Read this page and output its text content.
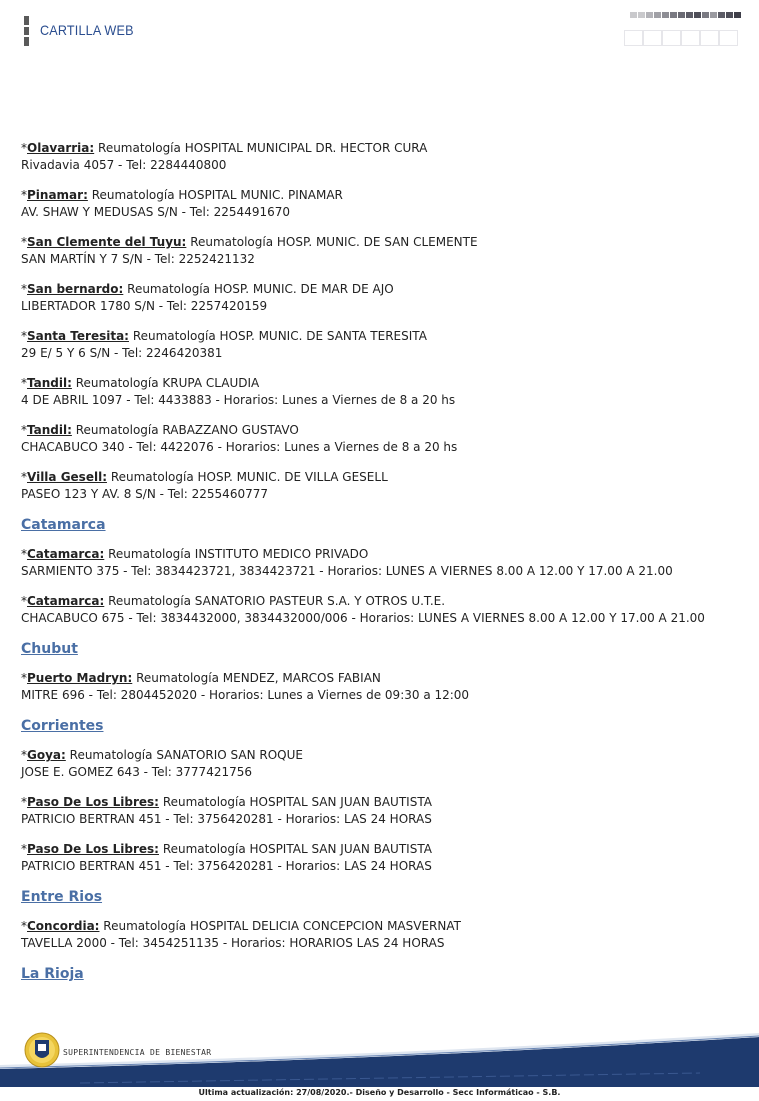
CARTILLA WEB
*Olavarria: Reumatología HOSPITAL MUNICIPAL DR. HECTOR CURA
Rivadavia 4057 - Tel: 2284440800
*Pinamar: Reumatología HOSPITAL MUNIC. PINAMAR
AV. SHAW Y MEDUSAS S/N - Tel: 2254491670
*San Clemente del Tuyu: Reumatología HOSP. MUNIC. DE SAN CLEMENTE
SAN MARTÍN Y 7 S/N - Tel: 2252421132
*San bernardo: Reumatología HOSP. MUNIC. DE MAR DE AJO
LIBERTADOR 1780 S/N - Tel: 2257420159
*Santa Teresita: Reumatología HOSP. MUNIC. DE SANTA TERESITA
29 E/ 5 Y 6 S/N - Tel: 2246420381
*Tandil: Reumatología KRUPA CLAUDIA
4 DE ABRIL 1097 - Tel: 4433883 - Horarios: Lunes a Viernes de 8 a 20 hs
*Tandil: Reumatología RABAZZANO GUSTAVO
CHACABUCO 340 - Tel: 4422076 - Horarios: Lunes a Viernes de 8 a 20 hs
*Villa Gesell: Reumatología HOSP. MUNIC. DE VILLA GESELL
PASEO 123 Y AV. 8 S/N - Tel: 2255460777
Catamarca
*Catamarca: Reumatología INSTITUTO MEDICO PRIVADO
SARMIENTO 375 - Tel: 3834423721, 3834423721 - Horarios: LUNES A VIERNES 8.00 A 12.00 Y 17.00 A 21.00
*Catamarca: Reumatología SANATORIO PASTEUR S.A. Y OTROS U.T.E.
CHACABUCO 675 - Tel: 3834432000, 3834432000/006 - Horarios: LUNES A VIERNES 8.00 A 12.00 Y 17.00 A 21.00
Chubut
*Puerto Madryn: Reumatología MENDEZ, MARCOS FABIAN
MITRE 696 - Tel: 2804452020 - Horarios: Lunes a Viernes de 09:30 a 12:00
Corrientes
*Goya: Reumatología SANATORIO SAN ROQUE
JOSE E. GOMEZ 643 - Tel: 3777421756
*Paso De Los Libres: Reumatología HOSPITAL SAN JUAN BAUTISTA
PATRICIO BERTRAN 451 - Tel: 3756420281 - Horarios: LAS 24 HORAS
*Paso De Los Libres: Reumatología HOSPITAL SAN JUAN BAUTISTA
PATRICIO BERTRAN 451 - Tel: 3756420281 - Horarios: LAS 24 HORAS
Entre Rios
*Concordia: Reumatología HOSPITAL DELICIA CONCEPCION MASVERNAT
TAVELLA 2000 - Tel: 3454251135 - Horarios: HORARIOS LAS 24 HORAS
La Rioja
SUPERINTENDENCIA DE BIENESTAR
Ultima actualización: 27/08/2020.- Diseño y Desarrollo - Secc Informáticao - S.B.
